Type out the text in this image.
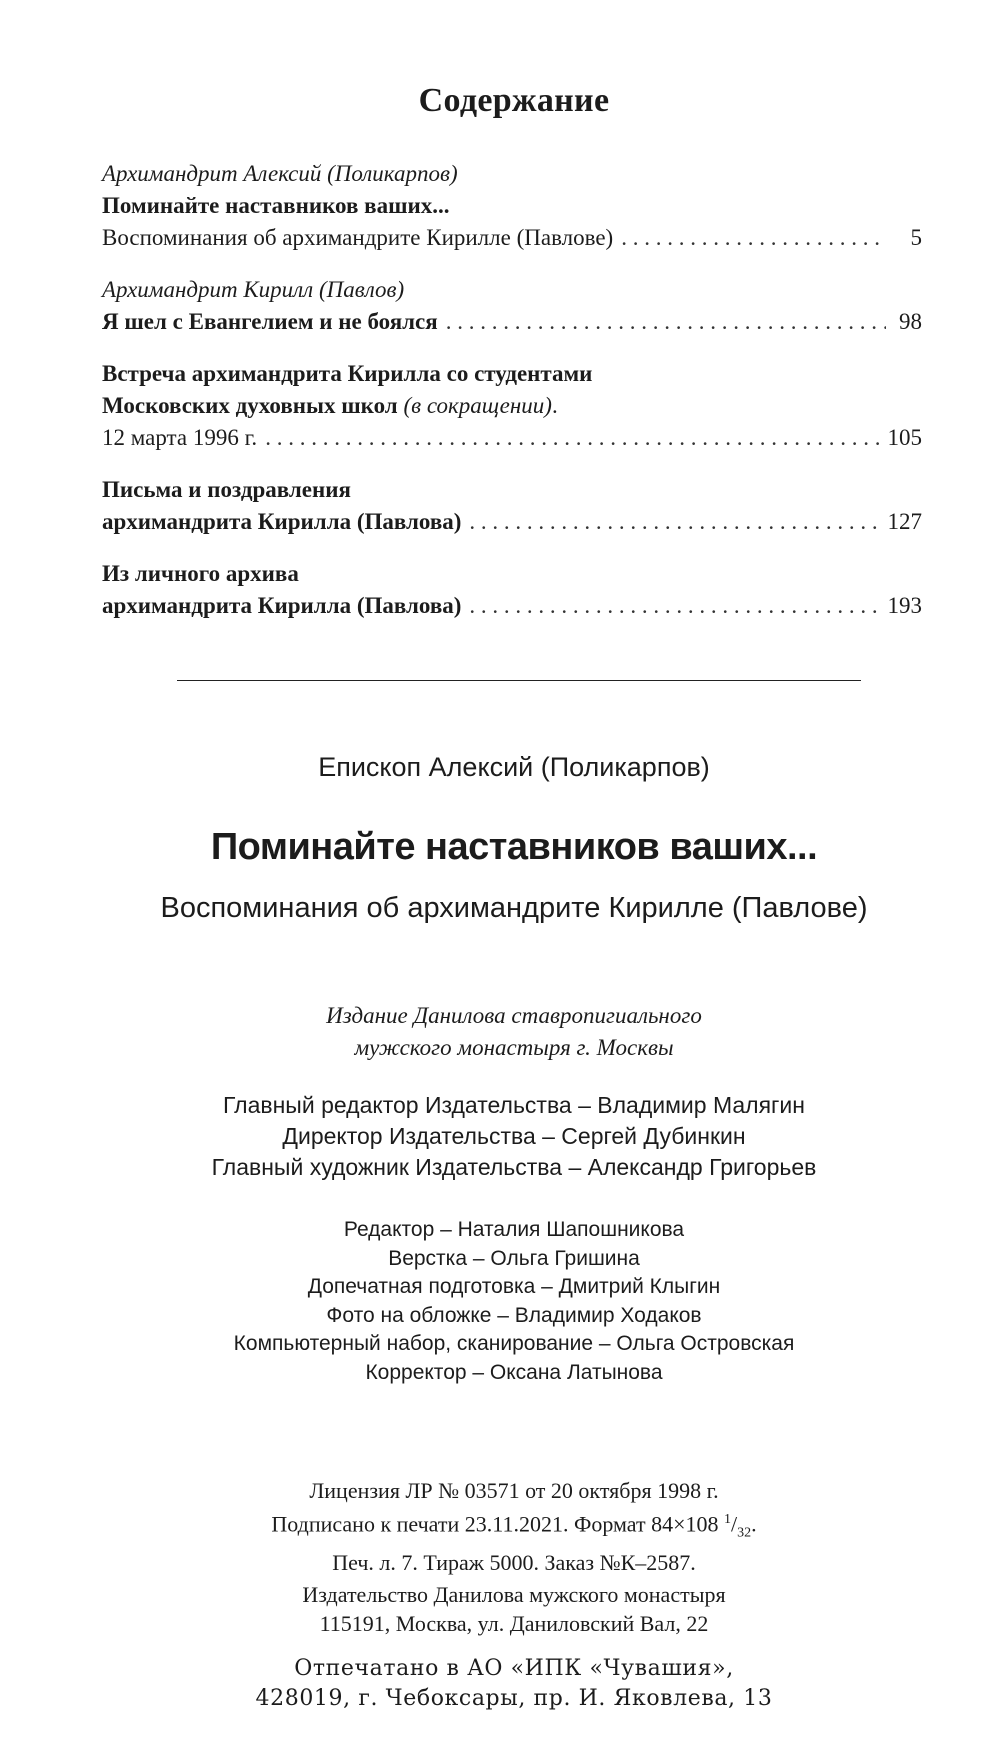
Содержание
Архимандрит Алексий (Поликарпов)
Поминайте наставников ваших...
Воспоминания об архимандрите Кирилле (Павлове) . . .	5
Архимандрит Кирилл (Павлов)
Я шел с Евангелием и не боялся . . .	98
Встреча архимандрита Кирилла со студентами
Московских духовных школ (в сокращении).
12 марта 1996 г. . . .	105
Письма и поздравления
архимандрита Кирилла (Павлова) . . .	127
Из личного архива
архимандрита Кирилла (Павлова) . . .	193
Епископ Алексий (Поликарпов)
Поминайте наставников ваших...
Воспоминания об архимандрите Кирилле (Павлове)
Издание Данилова ставропигиального
мужского монастыря г. Москвы
Главный редактор Издательства – Владимир Малягин
Директор Издательства – Сергей Дубинкин
Главный художник Издательства – Александр Григорьев
Редактор – Наталия Шапошникова
Верстка – Ольга Гришина
Допечатная подготовка – Дмитрий Клыгин
Фото на обложке – Владимир Ходаков
Компьютерный набор, сканирование – Ольга Островская
Корректор – Оксана Латынова
Лицензия ЛР № 03571 от 20 октября 1998 г.
Подписано к печати 23.11.2021. Формат 84×108 $^1/_{32}$.
Печ. л. 7. Тираж 5000. Заказ №К–2587.
Издательство Данилова мужского монастыря
115191, Москва, ул. Даниловский Вал, 22
Отпечатано в АО «ИПК «Чувашия»,
428019, г. Чебоксары, пр. И. Яковлева, 13
